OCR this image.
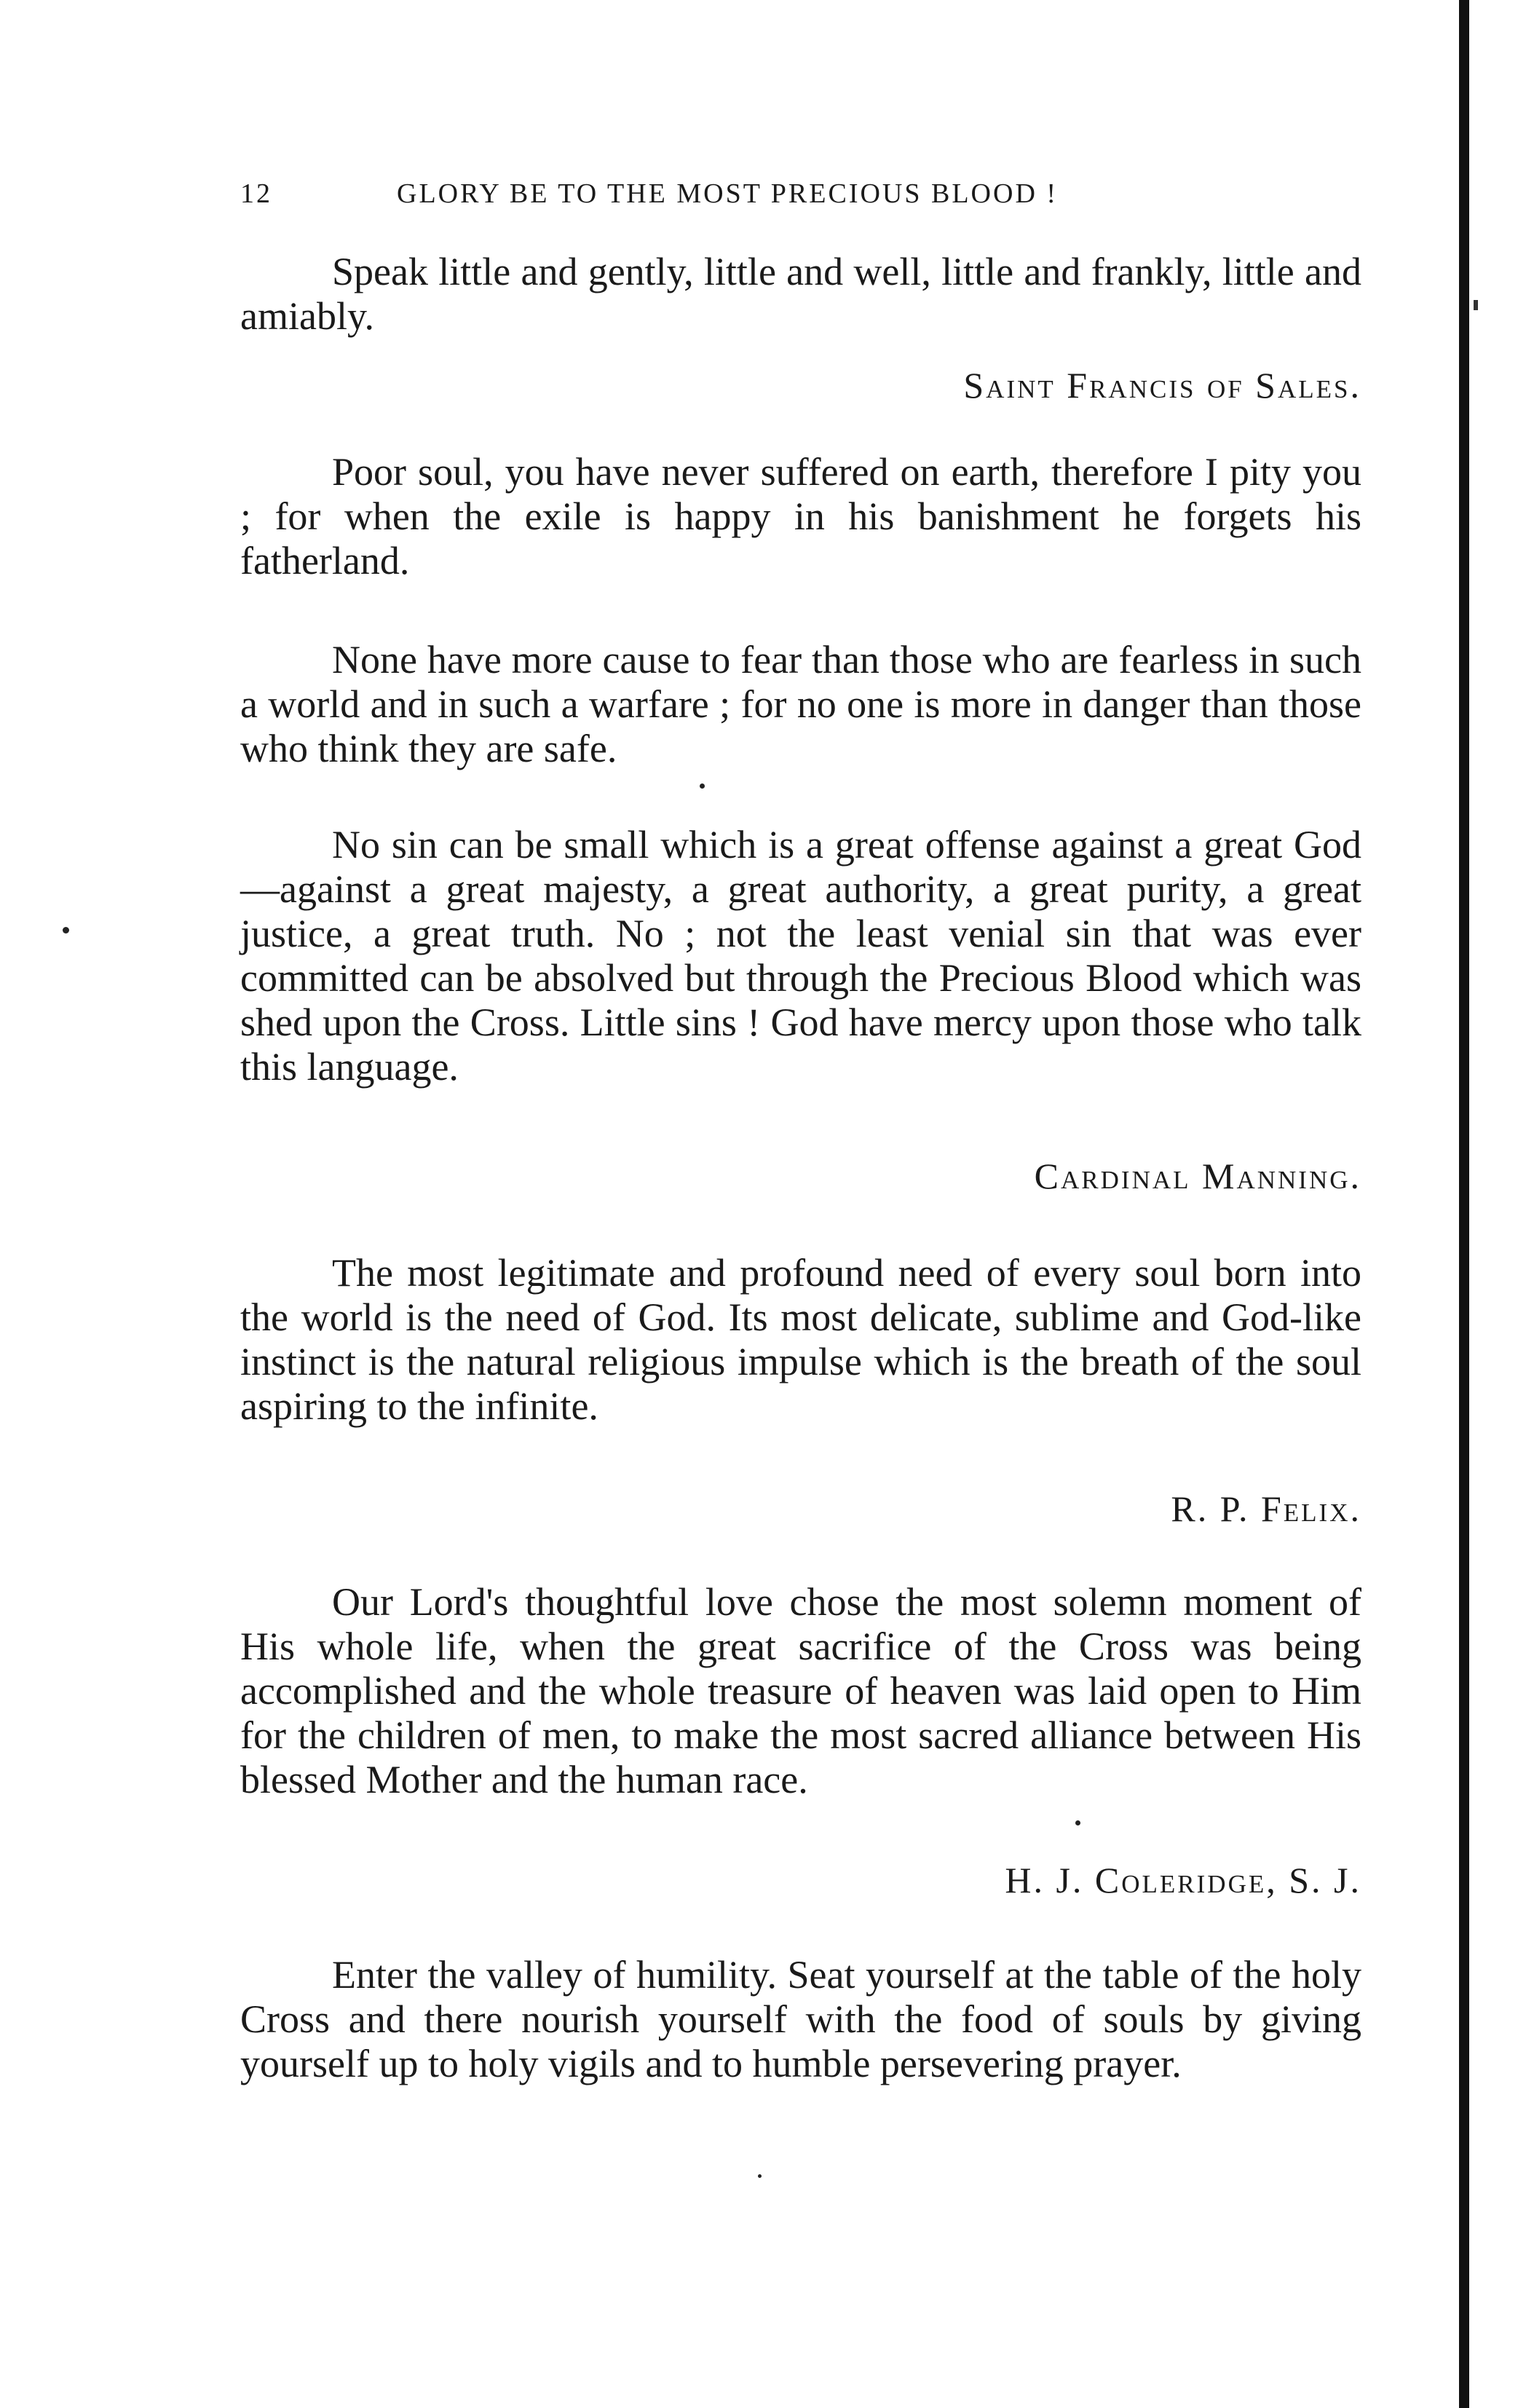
12	GLORY BE TO THE MOST PRECIOUS BLOOD !

Speak little and gently, little and well, little and frankly, little and amiably.

Saint Francis of Sales.

Poor soul, you have never suffered on earth, therefore I pity you ; for when the exile is happy in his banishment he forgets his fatherland.

None have more cause to fear than those who are fearless in such a world and in such a warfare ; for no one is more in danger than those who think they are safe.

No sin can be small which is a great offense against a great God—against a great majesty, a great authority, a great purity, a great justice, a great truth. No ; not the least venial sin that was ever committed can be absolved but through the Precious Blood which was shed upon the Cross. Little sins ! God have mercy upon those who talk this language.

Cardinal Manning.

The most legitimate and profound need of every soul born into the world is the need of God. Its most delicate, sublime and God-like instinct is the natural religious impulse which is the breath of the soul aspiring to the infinite.

R. P. Felix.

Our Lord's thoughtful love chose the most solemn moment of His whole life, when the great sacrifice of the Cross was being accomplished and the whole treasure of heaven was laid open to Him for the children of men, to make the most sacred alliance between His blessed Mother and the human race.

H. J. Coleridge, S. J.

Enter the valley of humility. Seat yourself at the table of the holy Cross and there nourish yourself with the food of souls by giving yourself up to holy vigils and to humble persevering prayer.
